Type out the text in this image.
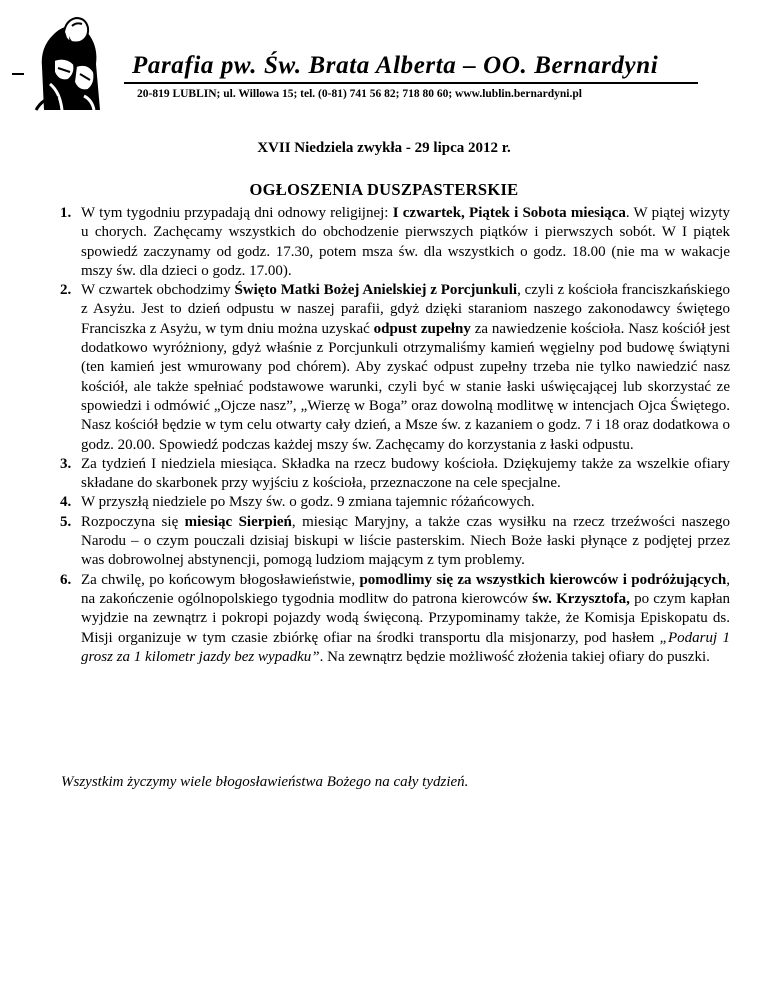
Parafia pw. Św. Brata Alberta – OO. Bernardyni
20-819 LUBLIN; ul. Willowa 15; tel. (0-81) 741 56 82; 718 80 60; www.lublin.bernardyni.pl
XVII Niedziela zwykła - 29 lipca 2012 r.
OGŁOSZENIA DUSZPASTERSKIE
1. W tym tygodniu przypadają dni odnowy religijnej: I czwartek, Piątek i Sobota miesiąca. W piątej wizyty u chorych. Zachęcamy wszystkich do obchodzenie pierwszych piątków i pierwszych sobót. W I piątek spowiedź zaczynamy od godz. 17.30, potem msza św. dla wszystkich o godz. 18.00 (nie ma w wakacje mszy św. dla dzieci o godz. 17.00).
2. W czwartek obchodzimy Święto Matki Bożej Anielskiej z Porcjunkuli, czyli z kościoła franciszkańskiego z Asyżu. Jest to dzień odpustu w naszej parafii, gdyż dzięki staraniom naszego zakonodawcy świętego Franciszka z Asyżu, w tym dniu można uzyskać odpust zupełny za nawiedzenie kościoła. Nasz kościół jest dodatkowo wyróżniony, gdyż właśnie z Porcjunkuli otrzymaliśmy kamień węgielny pod budowę świątyni (ten kamień jest wmurowany pod chórem). Aby zyskać odpust zupełny trzeba nie tylko nawiedzić nasz kościół, ale także spełniać podstawowe warunki, czyli być w stanie łaski uświęcającej lub skorzystać ze spowiedzi i odmówić „Ojcze nasz”, „Wierzę w Boga” oraz dowolną modlitwę w intencjach Ojca Świętego. Nasz kościół będzie w tym celu otwarty cały dzień, a Msze św. z kazaniem o godz. 7 i 18 oraz dodatkowa o godz. 20.00. Spowiedź podczas każdej mszy św. Zachęcamy do korzystania z łaski odpustu.
3. Za tydzień I niedziela miesiąca. Składka na rzecz budowy kościoła. Dziękujemy także za wszelkie ofiary składane do skarbonek przy wyjściu z kościoła, przeznaczone na cele specjalne.
4. W przyszłą niedziele po Mszy św. o godz. 9 zmiana tajemnic różańcowych.
5. Rozpoczyna się miesiąc Sierpień, miesiąc Maryjny, a także czas wysiłku na rzecz trzeźwości naszego Narodu – o czym pouczali dzisiaj biskupi w liście pasterskim. Niech Boże łaski płynące z podjętej przez was dobrowolnej abstynencji, pomogą ludziom mającym z tym problemy.
6. Za chwilę, po końcowym błogosławieństwie, pomodlimy się za wszystkich kierowców i podróżujących, na zakończenie ogólnopolskiego tygodnia modlitw do patrona kierowców św. Krzysztofa, po czym kapłan wyjdzie na zewnątrz i pokropi pojazdy wodą święconą. Przypominamy także, że Komisja Episkopatu ds. Misji organizuje w tym czasie zbiórkę ofiar na środki transportu dla misjonarzy, pod hasłem „Podaruj 1 grosz za 1 kilometr jazdy bez wypadku”. Na zewnątrz będzie możliwość złożenia takiej ofiary do puszki.
Wszystkim życzymy wiele błogosławieństwa Bożego na cały tydzień.
